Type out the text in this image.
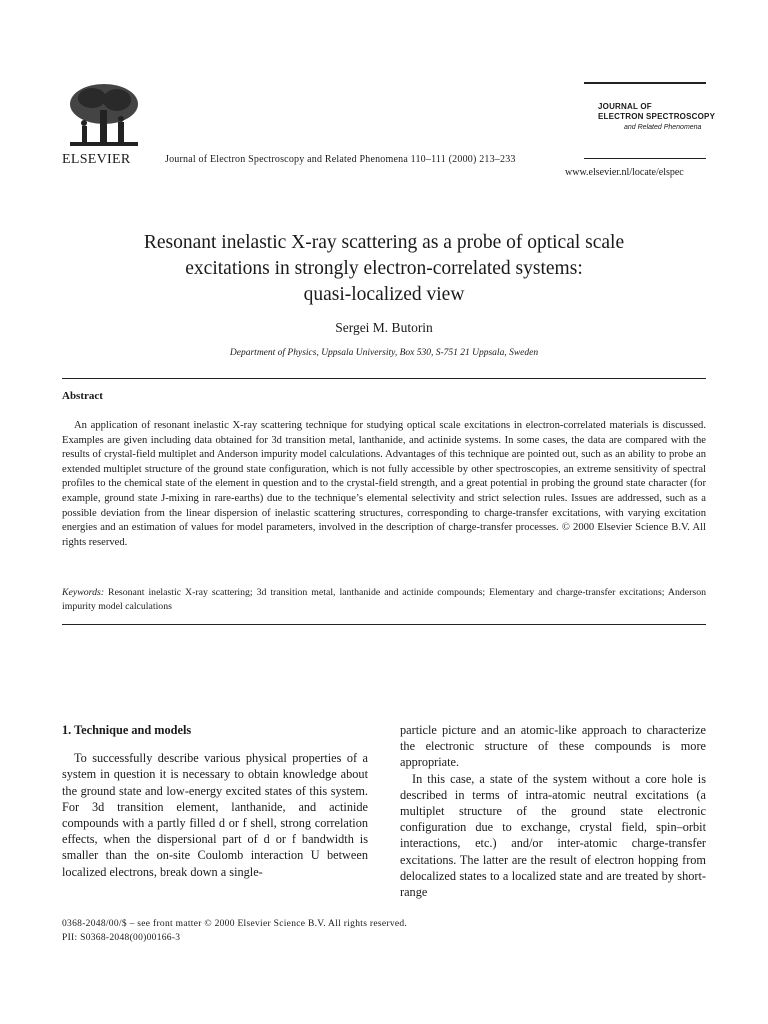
ELSEVIER	Journal of Electron Spectroscopy and Related Phenomena 110–111 (2000) 213–233
JOURNAL OF
ELECTRON SPECTROSCOPY
and Related Phenomena
www.elsevier.nl/locate/elspec
Resonant inelastic X-ray scattering as a probe of optical scale
excitations in strongly electron-correlated systems:
quasi-localized view
Sergei M. Butorin
Department of Physics, Uppsala University, Box 530, S-751 21 Uppsala, Sweden
Abstract
An application of resonant inelastic X-ray scattering technique for studying optical scale excitations in electron-correlated materials is discussed. Examples are given including data obtained for 3d transition metal, lanthanide, and actinide systems. In some cases, the data are compared with the results of crystal-field multiplet and Anderson impurity model calculations. Advantages of this technique are pointed out, such as an ability to probe an extended multiplet structure of the ground state configuration, which is not fully accessible by other spectroscopies, an extreme sensitivity of spectral profiles to the chemical state of the element in question and to the crystal-field strength, and a great potential in probing the ground state character (for example, ground state J-mixing in rare-earths) due to the technique’s elemental selectivity and strict selection rules. Issues are addressed, such as a possible deviation from the linear dispersion of inelastic scattering structures, corresponding to charge-transfer excitations, with varying excitation energies and an estimation of values for model parameters, involved in the description of charge-transfer processes. © 2000 Elsevier Science B.V. All rights reserved.
Keywords: Resonant inelastic X-ray scattering; 3d transition metal, lanthanide and actinide compounds; Elementary and charge-transfer excitations; Anderson impurity model calculations
1. Technique and models

To successfully describe various physical properties of a system in question it is necessary to obtain knowledge about the ground state and low-energy excited states of this system. For 3d transition element, lanthanide, and actinide compounds with a partly filled d or f shell, strong correlation effects, when the dispersional part of d or f bandwidth is smaller than the on-site Coulomb interaction U between localized electrons, break down a single-

particle picture and an atomic-like approach to characterize the electronic structure of these compounds is more appropriate.

In this case, a state of the system without a core hole is described in terms of intra-atomic neutral excitations (a multiplet structure of the ground state electronic configuration due to exchange, crystal field, spin–orbit interactions, etc.) and/or inter-atomic charge-transfer excitations. The latter are the result of electron hopping from delocalized states to a localized state and are treated by short-range

0368-2048/00/$ – see front matter © 2000 Elsevier Science B.V. All rights reserved.
PII: S0368-2048(00)00166-3
